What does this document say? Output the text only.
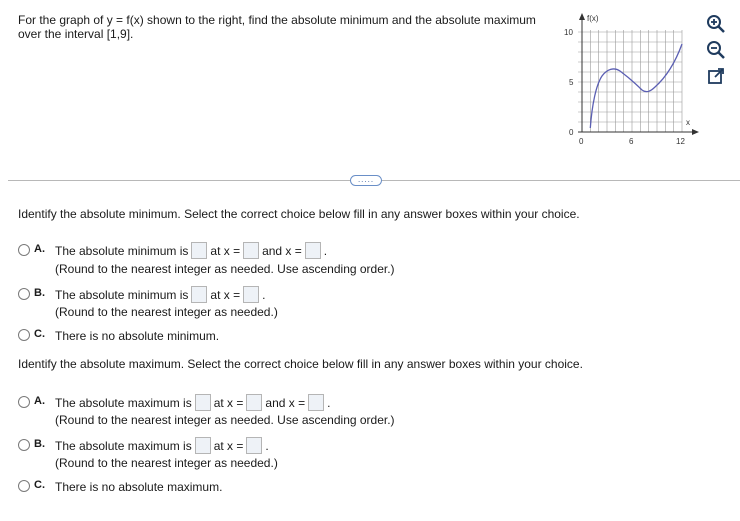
For the graph of y = f(x) shown to the right, find the absolute minimum and the absolute maximum over the interval [1,9].
f(x)
x
10
5
0
0	6	12
.....
Identify the absolute minimum. Select the correct choice below fill in any answer boxes within your choice.
A. The absolute minimum is at x = and x = .
(Round to the nearest integer as needed. Use ascending order.)
B. The absolute minimum is at x = .
(Round to the nearest integer as needed.)
C. There is no absolute minimum.
Identify the absolute maximum. Select the correct choice below fill in any answer boxes within your choice.
A. The absolute maximum is at x = and x = .
(Round to the nearest integer as needed. Use ascending order.)
B. The absolute maximum is at x = .
(Round to the nearest integer as needed.)
C. There is no absolute maximum.
